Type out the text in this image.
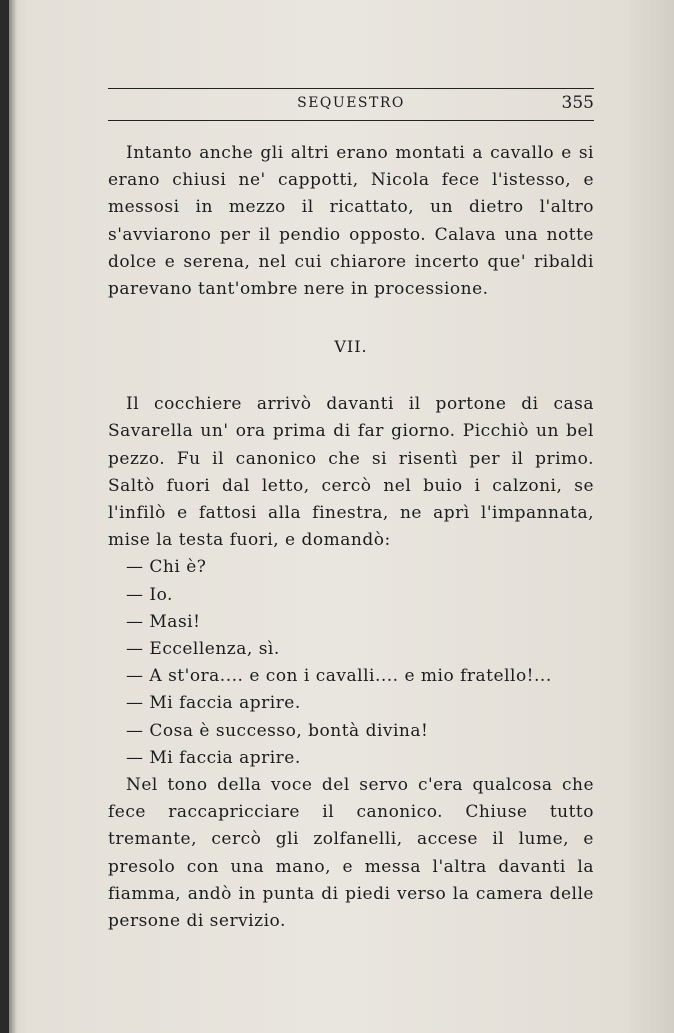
SEQUESTRO	355

Intanto anche gli altri erano montati a cavallo e si erano chiusi ne' cappotti, Nicola fece l'istesso, e messosi in mezzo il ricattato, un dietro l'altro s'avviarono per il pendio opposto. Calava una notte dolce e serena, nel cui chiarore incerto que' ribaldi parevano tant'ombre nere in processione.

VII.

Il cocchiere arrivò davanti il portone di casa Savarella un' ora prima di far giorno. Picchiò un bel pezzo. Fu il canonico che si risentì per il primo. Saltò fuori dal letto, cercò nel buio i calzoni, se l'infilò e fattosi alla finestra, ne aprì l'impannata, mise la testa fuori, e domandò:

— Chi è?

— Io.

— Masi!

— Eccellenza, sì.

— A st'ora.... e con i cavalli.... e mio fratello!...

— Mi faccia aprire.

— Cosa è successo, bontà divina!

— Mi faccia aprire.

Nel tono della voce del servo c'era qualcosa che fece raccapricciare il canonico. Chiuse tutto tremante, cercò gli zolfanelli, accese il lume, e presolo con una mano, e messa l'altra davanti la fiamma, andò in punta di piedi verso la camera delle persone di servizio.
